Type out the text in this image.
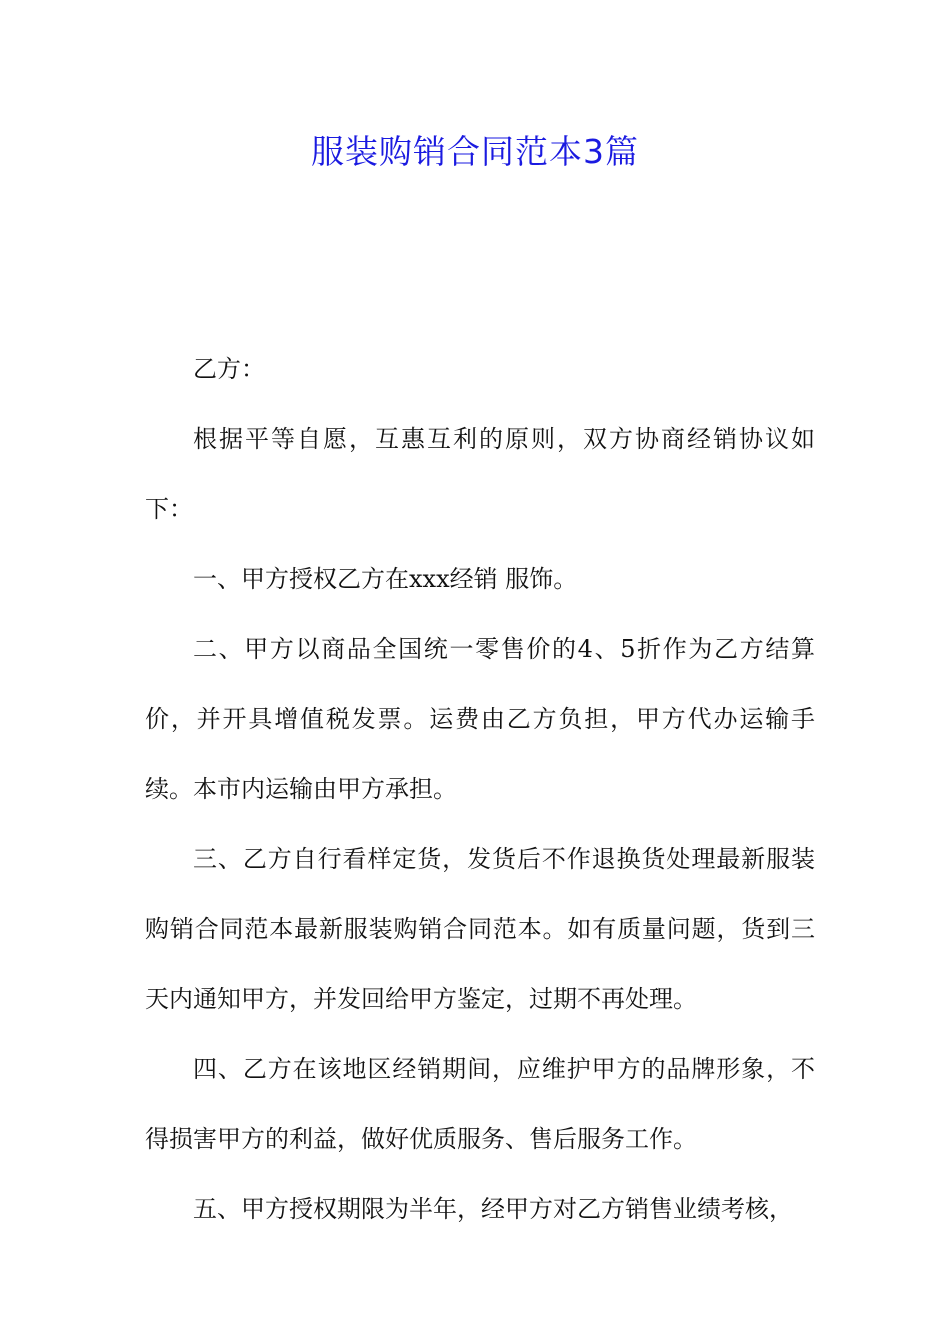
服装购销合同范本3篇

乙方：

根据平等自愿，互惠互利的原则，双方协商经销协议如下：

一、甲方授权乙方在xxx经销 服饰。

二、甲方以商品全国统一零售价的4、5折作为乙方结算价，并开具增值税发票。运费由乙方负担，甲方代办运输手续。本市内运输由甲方承担。

三、乙方自行看样定货，发货后不作退换货处理最新服装购销合同范本最新服装购销合同范本。如有质量问题，货到三天内通知甲方，并发回给甲方鉴定，过期不再处理。

四、乙方在该地区经销期间，应维护甲方的品牌形象，不得损害甲方的利益，做好优质服务、售后服务工作。

五、甲方授权期限为半年，经甲方对乙方销售业绩考核，
